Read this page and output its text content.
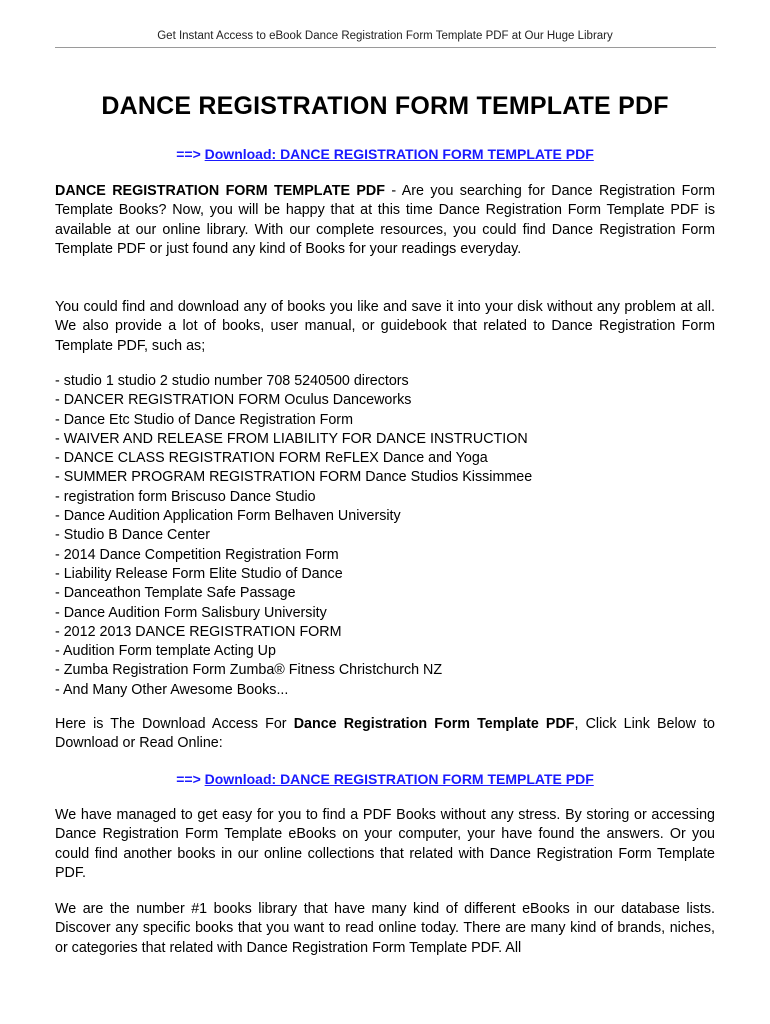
Get Instant Access to eBook Dance Registration Form Template PDF at Our Huge Library
DANCE REGISTRATION FORM TEMPLATE PDF
==> Download: DANCE REGISTRATION FORM TEMPLATE PDF
DANCE REGISTRATION FORM TEMPLATE PDF - Are you searching for Dance Registration Form Template Books? Now, you will be happy that at this time Dance Registration Form Template PDF is available at our online library. With our complete resources, you could find Dance Registration Form Template PDF or just found any kind of Books for your readings everyday.
You could find and download any of books you like and save it into your disk without any problem at all. We also provide a lot of books, user manual, or guidebook that related to Dance Registration Form Template PDF, such as;
- studio 1 studio 2 studio number 708 5240500 directors
- DANCER REGISTRATION FORM Oculus Danceworks
- Dance Etc Studio of Dance Registration Form
- WAIVER AND RELEASE FROM LIABILITY FOR DANCE INSTRUCTION
- DANCE CLASS REGISTRATION FORM ReFLEX Dance and Yoga
- SUMMER PROGRAM REGISTRATION FORM Dance Studios Kissimmee
- registration form Briscuso Dance Studio
- Dance Audition Application Form Belhaven University
- Studio B Dance Center
- 2014 Dance Competition Registration Form
- Liability Release Form Elite Studio of Dance
- Danceathon Template Safe Passage
- Dance Audition Form Salisbury University
- 2012 2013 DANCE REGISTRATION FORM
- Audition Form template Acting Up
- Zumba Registration Form Zumba® Fitness Christchurch NZ
- And Many Other Awesome Books...
Here is The Download Access For Dance Registration Form Template PDF, Click Link Below to Download or Read Online:
==> Download: DANCE REGISTRATION FORM TEMPLATE PDF
We have managed to get easy for you to find a PDF Books without any stress. By storing or accessing Dance Registration Form Template eBooks on your computer, your have found the answers. Or you could find another books in our online collections that related with Dance Registration Form Template PDF.
We are the number #1 books library that have many kind of different eBooks in our database lists. Discover any specific books that you want to read online today. There are many kind of brands, niches, or categories that related with Dance Registration Form Template PDF. All
